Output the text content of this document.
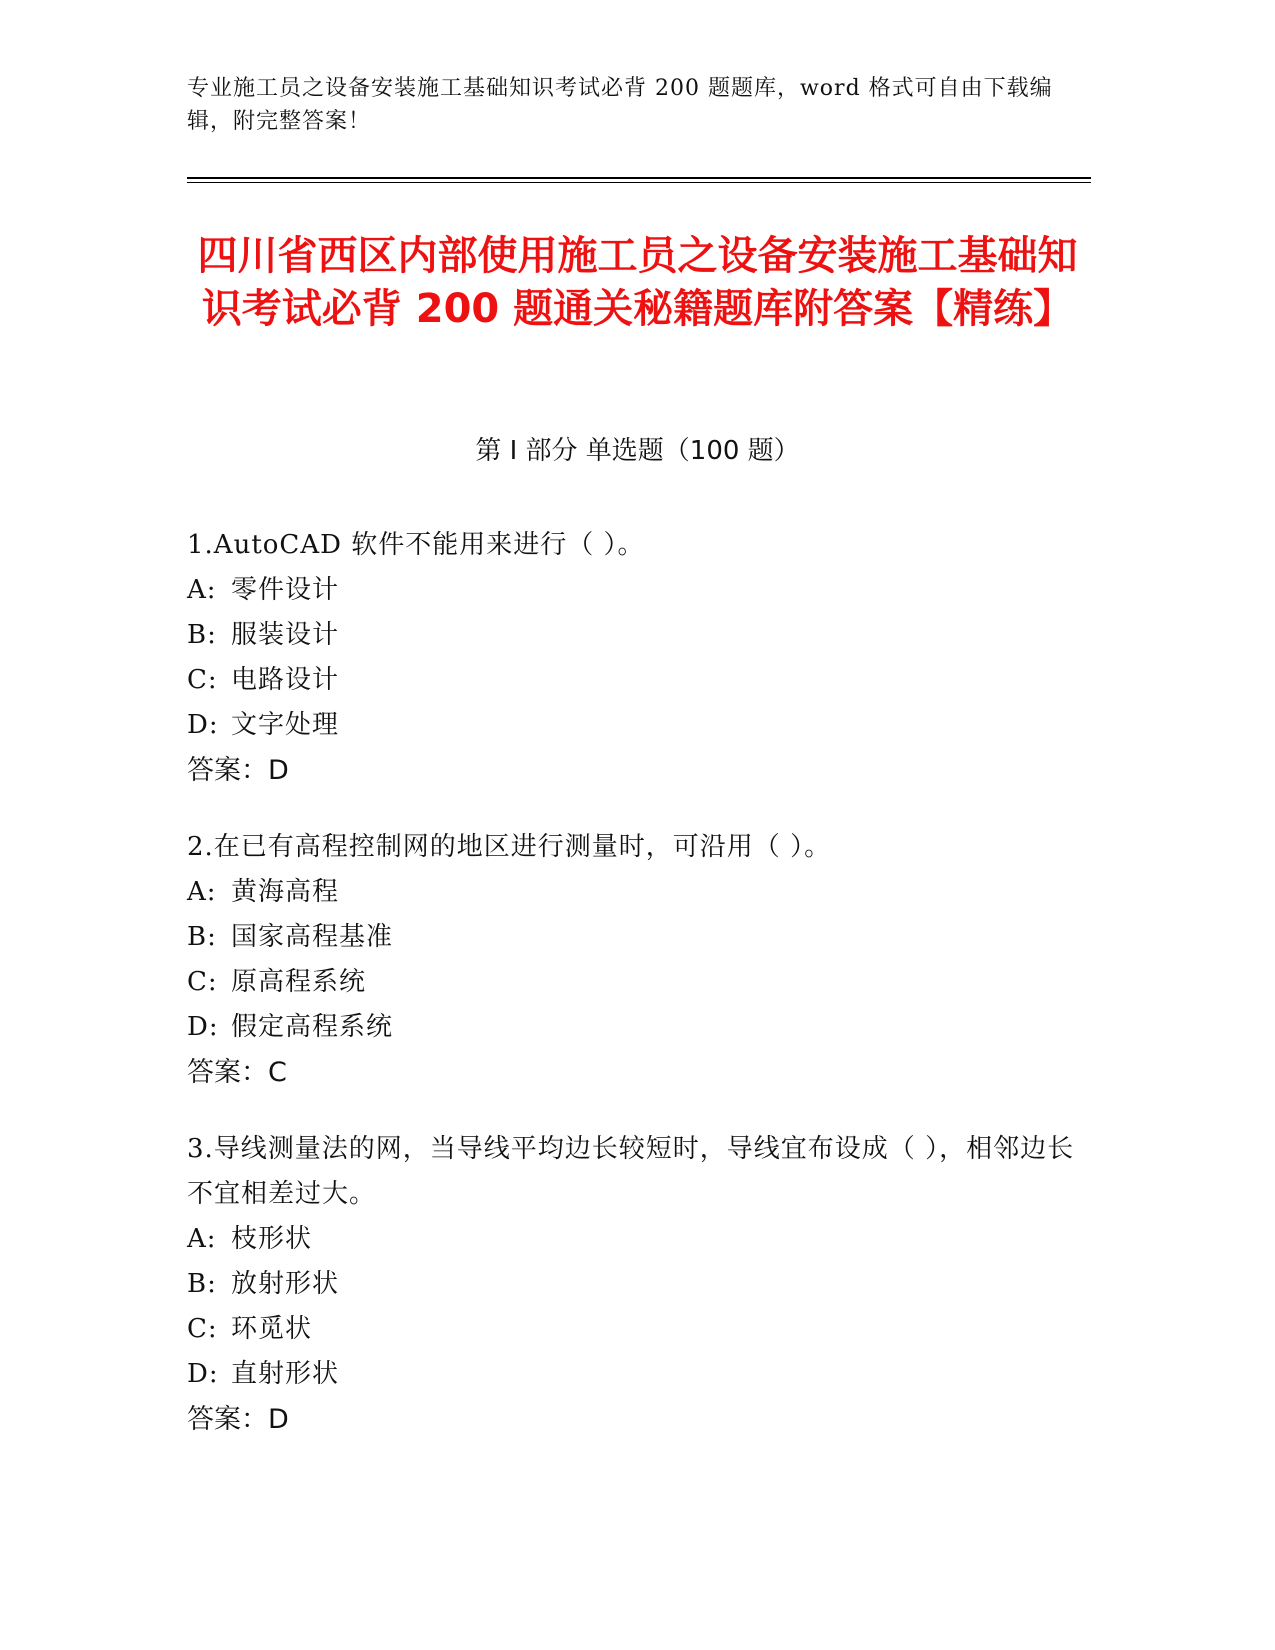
专业施工员之设备安装施工基础知识考试必背 200 题题库，word 格式可自由下载编辑，附完整答案！
四川省西区内部使用施工员之设备安装施工基础知识考试必背 200 题通关秘籍题库附答案【精练】
第 I 部分 单选题（100 题）

1.AutoCAD 软件不能用来进行（ ）。

A: 零件设计
B: 服装设计
C: 电路设计
D: 文字处理
答案：D

2.在已有高程控制网的地区进行测量时，可沿用（ ）。

A: 黄海高程
B: 国家高程基准
C: 原高程系统
D: 假定高程系统
答案：C

3.导线测量法的网，当导线平均边长较短时，导线宜布设成（ ），相邻边长不宜相差过大。

A: 枝形状
B: 放射形状
C: 环觅状
D: 直射形状
答案：D
